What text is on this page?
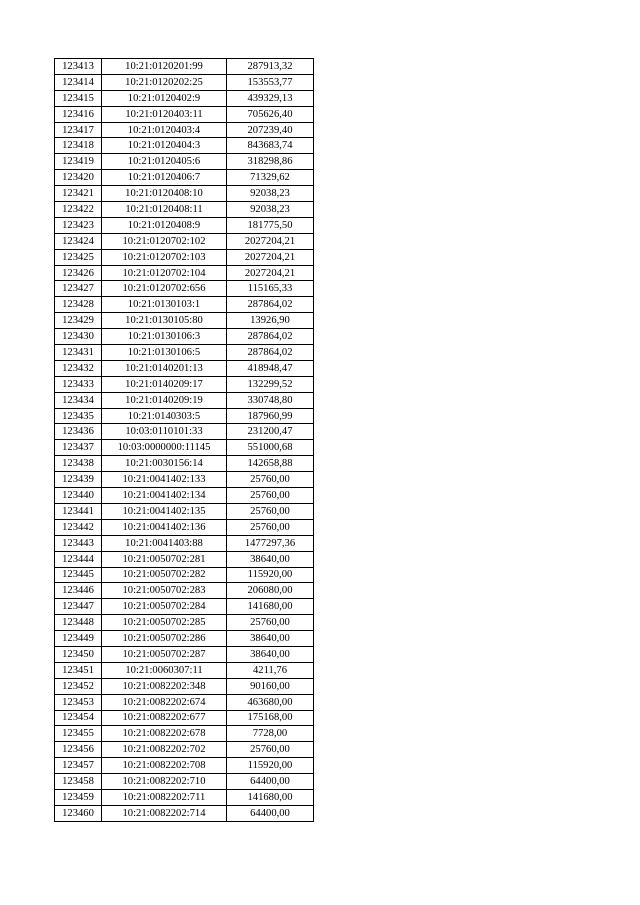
123413	10:21:0120201:99	287913,32
123414	10:21:0120202:25	153553,77
123415	10:21:0120402:9	439329,13
123416	10:21:0120403:11	705626,40
123417	10:21:0120403:4	207239,40
123418	10:21:0120404:3	843683,74
123419	10:21:0120405:6	318298,86
123420	10:21:0120406:7	71329,62
123421	10:21:0120408:10	92038,23
123422	10:21:0120408:11	92038,23
123423	10:21:0120408:9	181775,50
123424	10:21:0120702:102	2027204,21
123425	10:21:0120702:103	2027204,21
123426	10:21:0120702:104	2027204,21
123427	10:21:0120702:656	115165,33
123428	10:21:0130103:1	287864,02
123429	10:21:0130105:80	13926,90
123430	10:21:0130106:3	287864,02
123431	10:21:0130106:5	287864,02
123432	10:21:0140201:13	418948,47
123433	10:21:0140209:17	132299,52
123434	10:21:0140209:19	330748,80
123435	10:21:0140303:5	187960,99
123436	10:03:0110101:33	231200,47
123437	10:03:0000000:11145	551000,68
123438	10:21:0030156:14	142658,88
123439	10:21:0041402:133	25760,00
123440	10:21:0041402:134	25760,00
123441	10:21:0041402:135	25760,00
123442	10:21:0041402:136	25760,00
123443	10:21:0041403:88	1477297,36
123444	10:21:0050702:281	38640,00
123445	10:21:0050702:282	115920,00
123446	10:21:0050702:283	206080,00
123447	10:21:0050702:284	141680,00
123448	10:21:0050702:285	25760,00
123449	10:21:0050702:286	38640,00
123450	10:21:0050702:287	38640,00
123451	10:21:0060307:11	4211,76
123452	10:21:0082202:348	90160,00
123453	10:21:0082202:674	463680,00
123454	10:21:0082202:677	175168,00
123455	10:21:0082202:678	7728,00
123456	10:21:0082202:702	25760,00
123457	10:21:0082202:708	115920,00
123458	10:21:0082202:710	64400,00
123459	10:21:0082202:711	141680,00
123460	10:21:0082202:714	64400,00
